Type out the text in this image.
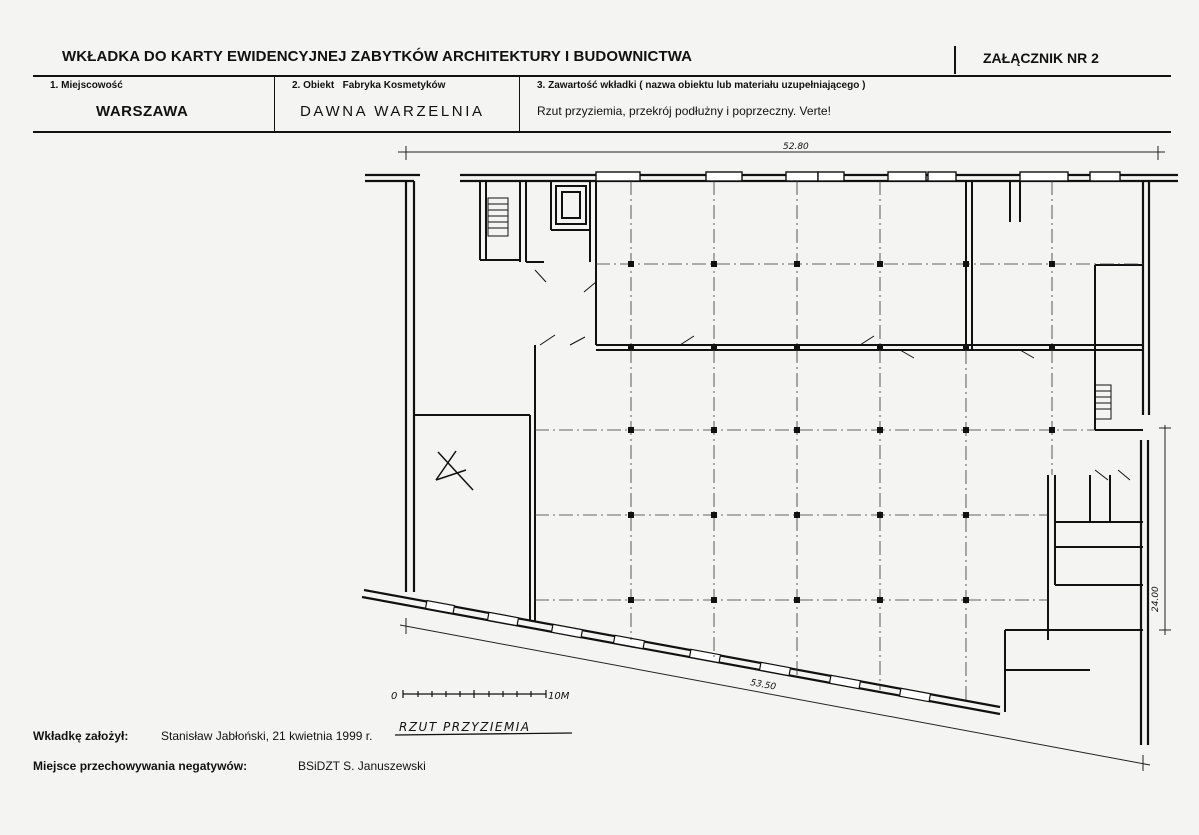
WKŁADKA DO KARTY EWIDENCYJNEJ ZABYTKÓW ARCHITEKTURY I BUDOWNICTWA	ZAŁĄCZNIK NR 2
1. Miejscowość
WARSZAWA
2. Obiekt Fabryka Kosmetyków
DAWNA WARZELNIA
3. Zawartość wkładki ( nazwa obiektu lub materiału uzupełniającego )
Rzut przyziemia, przekrój podłużny i poprzeczny. Verte!
52.80
24.00
53.50
0	10M
RZUT PRZYZIEMIA
Wkładkę założył:	Stanisław Jabłoński, 21 kwietnia 1999 r.
Miejsce przechowywania negatywów:	BSiDZT S. Januszewski
